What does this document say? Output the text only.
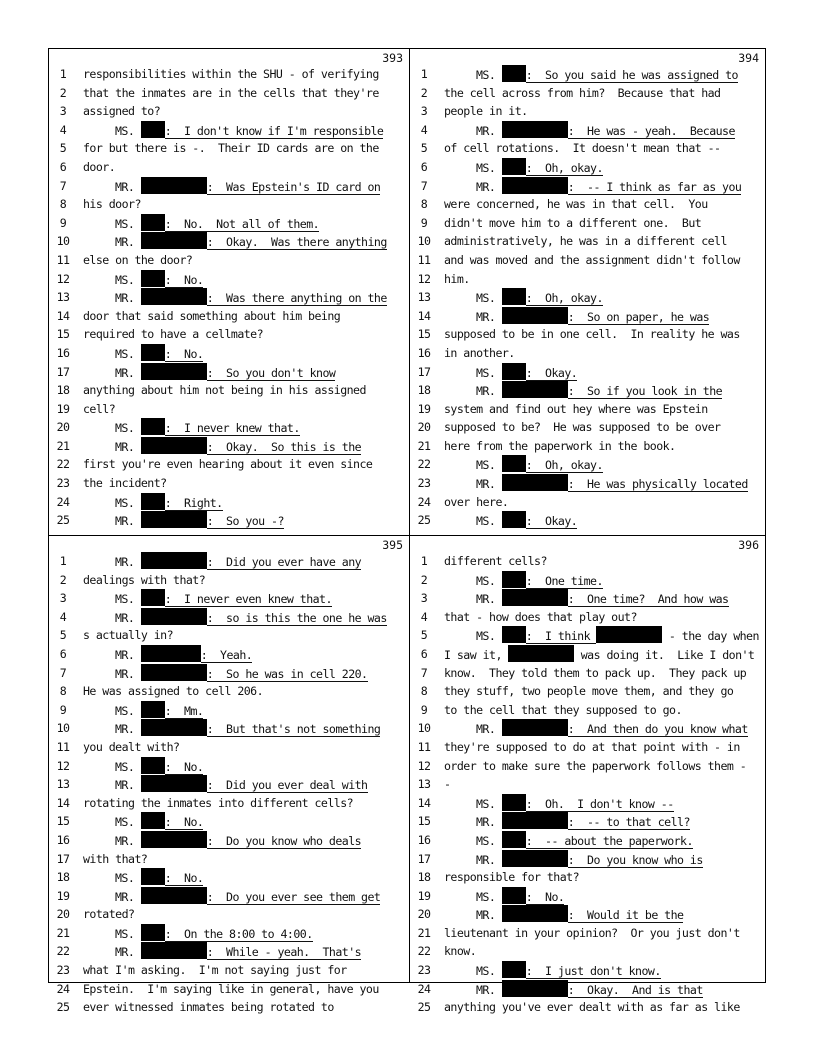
393
1	responsibilities within the SHU - of verifying
2	that the inmates are in the cells that they're
3	assigned to?
4	MS.	:  I don't know if I'm responsible
5	for but there is -.  Their ID cards are on the
6	door.
7	MR.	:  Was Epstein's ID card on
8	his door?
9	MS.	:  No.  Not all of them.
10	MR.	:  Okay.  Was there anything
11 else on the door?
12	MS.	:  No.
13	MR.	:  Was there anything on the
14 door that said something about him being
15 required to have a cellmate?
16	MS.	:  No.
17	MR.	:  So you don't know
18 anything about him not being in his assigned
19 cell?
20	MS.	:  I never knew that.
21	MR.	:  Okay.  So this is the
22 first you're even hearing about it even since
23 the incident?
24	MS.	:  Right.
25	MR.	:  So you -?
394
1	MS.	:  So you said he was assigned to
2	the cell across from him?  Because that had
3	people in it.
4	MR.	:  He was - yeah.  Because
5	of cell rotations.  It doesn't mean that --
6	MS.	:  Oh, okay.
7	MR.	:  -- I think as far as you
8	were concerned, he was in that cell.  You
9	didn't move him to a different one.  But
10 administratively, he was in a different cell
11 and was moved and the assignment didn't follow
12 him.
13	MS.	:  Oh, okay.
14	MR.	:  So on paper, he was
15 supposed to be in one cell.  In reality he was
16 in another.
17	MS.	:  Okay.
18	MR.	:  So if you look in the
19 system and find out hey where was Epstein
20 supposed to be?  He was supposed to be over
21 here from the paperwork in the book.
22	MS.	:  Oh, okay.
23	MR.	:  He was physically located
24 over here.
25	MS.	:  Okay.
395
1	MR.	:  Did you ever have any
2	dealings with that?
3	MS.	:  I never even knew that.
4	MR.	:  so is this the one he was
5	s actually in?
6	MR.	:  Yeah.
7	MR.	:  So he was in cell 220.
8	He was assigned to cell 206.
9	MS.	:  Mm.
10	MR.	:  But that's not something
11 you dealt with?
12	MS.	:  No.
13	MR.	:  Did you ever deal with
14 rotating the inmates into different cells?
15	MS.	:  No.
16	MR.	:  Do you know who deals
17 with that?
18	MS.	:  No.
19	MR.	:  Do you ever see them get
20 rotated?
21	MS.	:  On the 8:00 to 4:00.
22	MR.	:  While - yeah.  That's
23 what I'm asking.  I'm not saying just for
24 Epstein.  I'm saying like in general, have you
25 ever witnessed inmates being rotated to
396
1	different cells?
2	MS.	:  One time.
3	MR.	:  One time?  And how was
4	that - how does that play out?
5	MS.	:  I think	- the day when
6	I saw it,	was doing it.  Like I don't
7	know.  They told them to pack up.  They pack up
8	they stuff, two people move them, and they go
9	to the cell that they supposed to go.
10	MR.	:  And then do you know what
11 they're supposed to do at that point with - in
12 order to make sure the paperwork follows them -
13 -
14	MS.	:  Oh.  I don't know --
15	MR.	:  -- to that cell?
16	MS.	:  -- about the paperwork.
17	MR.	:  Do you know who is
18 responsible for that?
19	MS.	:  No.
20	MR.	:  Would it be the
21 lieutenant in your opinion?  Or you just don't
22 know.
23	MS.	:  I just don't know.
24	MR.	:  Okay.  And is that
25 anything you've ever dealt with as far as like
